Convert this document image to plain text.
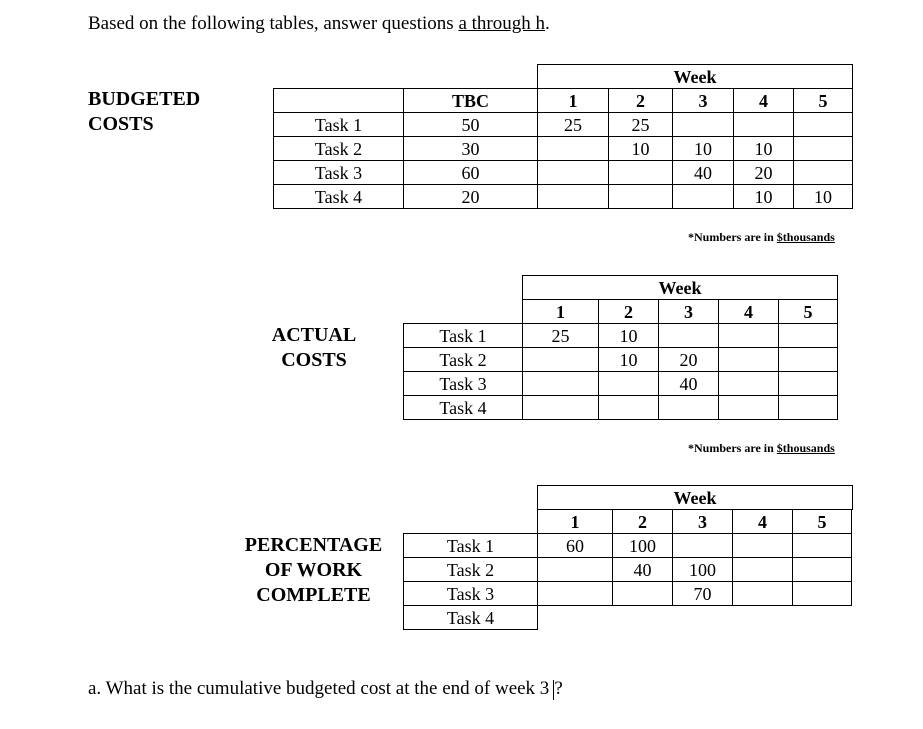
Based on the following tables, answer questions a through h.
BUDGETED
COSTS
Week
	TBC	1	2	3	4	5
Task 1	50	25	25			
Task 2	30		10	10	10	
Task 3	60			40	20	
Task 4	20				10	10
*Numbers are in $thousands
ACTUAL
COSTS
Week
1	2	3	4	5
Task 1	25	10			
Task 2		10	20		
Task 3			40		
Task 4					
*Numbers are in $thousands
PERCENTAGE
OF WORK
COMPLETE
Week
1	2	3	4	5
Task 1	60	100			
Task 2		40	100		
Task 3			70		
Task 4					
a. What is the cumulative budgeted cost at the end of week 3 ?
